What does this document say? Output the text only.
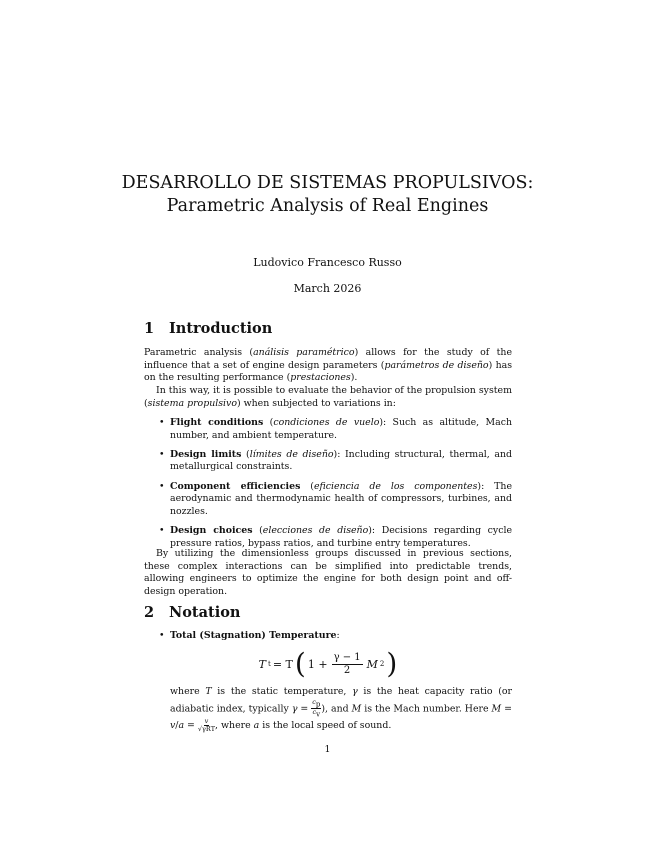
DESARROLLO DE SISTEMAS PROPULSIVOS: Parametric Analysis of Real Engines
Ludovico Francesco Russo
March 2026
1 Introduction
Parametric analysis (análisis paramétrico) allows for the study of the influence that a set of engine design parameters (parámetros de diseño) has on the resulting performance (prestaciones).
In this way, it is possible to evaluate the behavior of the propulsion system (sistema propulsivo) when subjected to variations in:
• Flight conditions (condiciones de vuelo): Such as altitude, Mach number, and ambient temperature.
• Design limits (límites de diseño): Including structural, thermal, and metallurgical constraints.
• Component efficiencies (eficiencia de los componentes): The aerodynamic and thermodynamic health of compressors, turbines, and nozzles.
• Design choices (elecciones de diseño): Decisions regarding cycle pressure ratios, bypass ratios, and turbine entry temperatures.
By utilizing the dimensionless groups discussed in previous sections, these complex interactions can be simplified into predictable trends, allowing engineers to optimize the engine for both design point and off-design operation.
2 Notation
• Total (Stagnation) Temperature:
T t = T ( $1 + \frac{\gamma - 1}{2}$ M 2 )
where T is the static temperature, γ is the heat capacity ratio (or adiabatic index, typically $\gamma = \frac{c_p}{c_v}$ ), and M is the Mach number. Here $M = v/a = \frac{v}{\text{√γRT}}$ , where a is the local speed of sound.
1
